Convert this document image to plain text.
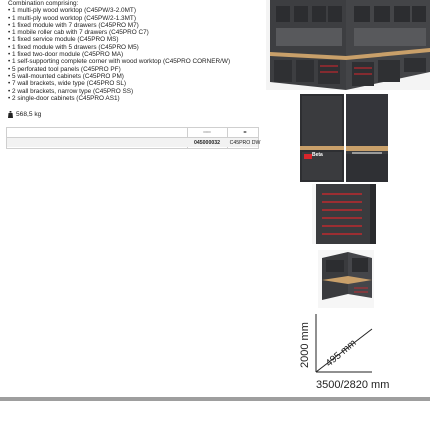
Combination comprising:

• 1 multi-ply wood worktop (C45PW/3-2.0MT)
• 1 multi-ply wood worktop (C45PW/2-1.3MT)
• 1 fixed module with 7 drawers (C45PRO M7)
• 1 mobile roller cab with 7 drawers (C45PRO C7)
• 1 fixed service module (C45PRO MS)
• 1 fixed module with 5 drawers (C45PRO M5)
• 1 fixed two-door module (C45PRO MA)
• 1 self-supporting complete corner with wood worktop (C45PRO CORNER/W)
• 5 perforated tool panels (C45PRO PF)
• 5 wall-mounted cabinets (C45PRO PM)
• 7 wall brackets, wide type (C45PRO SL)
• 2 wall brackets, narrow type (C45PRO SS)
• 2 single-door cabinets (C45PRO AS1)
568,5 kg
▭▭	◂▸
045000032	C45PRO DW
Beta
2000 mm 495 mm
3500/2820 mm
